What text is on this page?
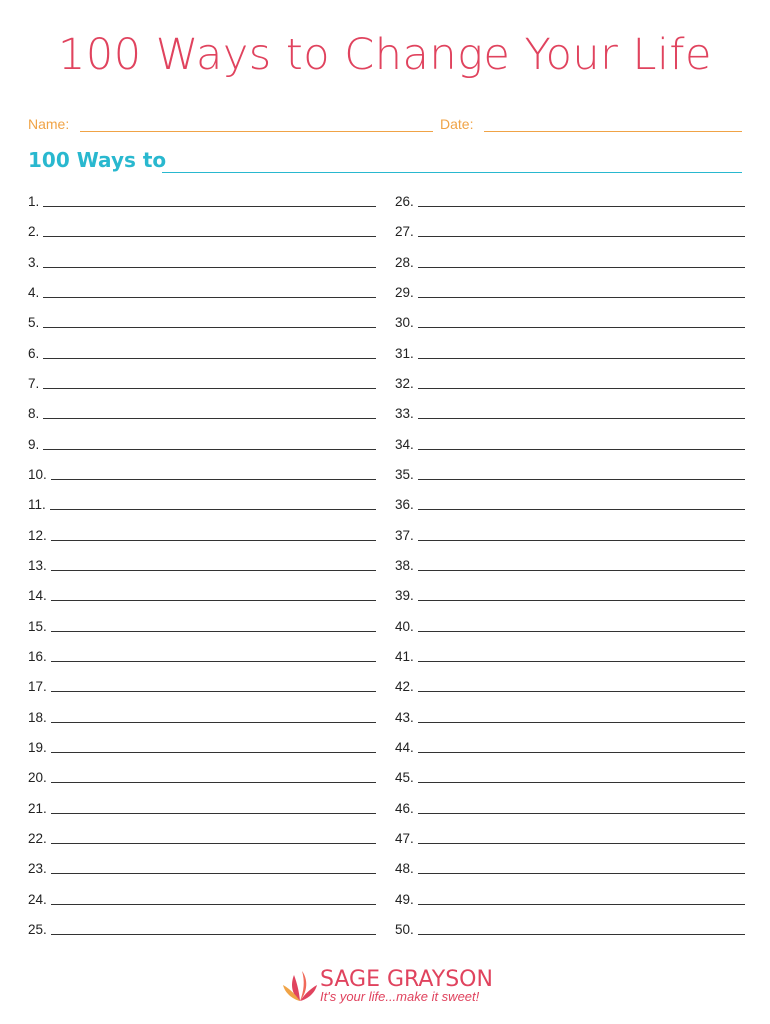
100 Ways to Change Your Life
Name:	Date:
100 Ways to
1.
2.
3.
4.
5.
6.
7.
8.
9.
10.
11.
12.
13.
14.
15.
16.
17.
18.
19.
20.
21.
22.
23.
24.
25.
26.
27.
28.
29.
30.
31.
32.
33.
34.
35.
36.
37.
38.
39.
40.
41.
42.
43.
44.
45.
46.
47.
48.
49.
50.
SAGE GRAYSON
It's your life...make it sweet!
